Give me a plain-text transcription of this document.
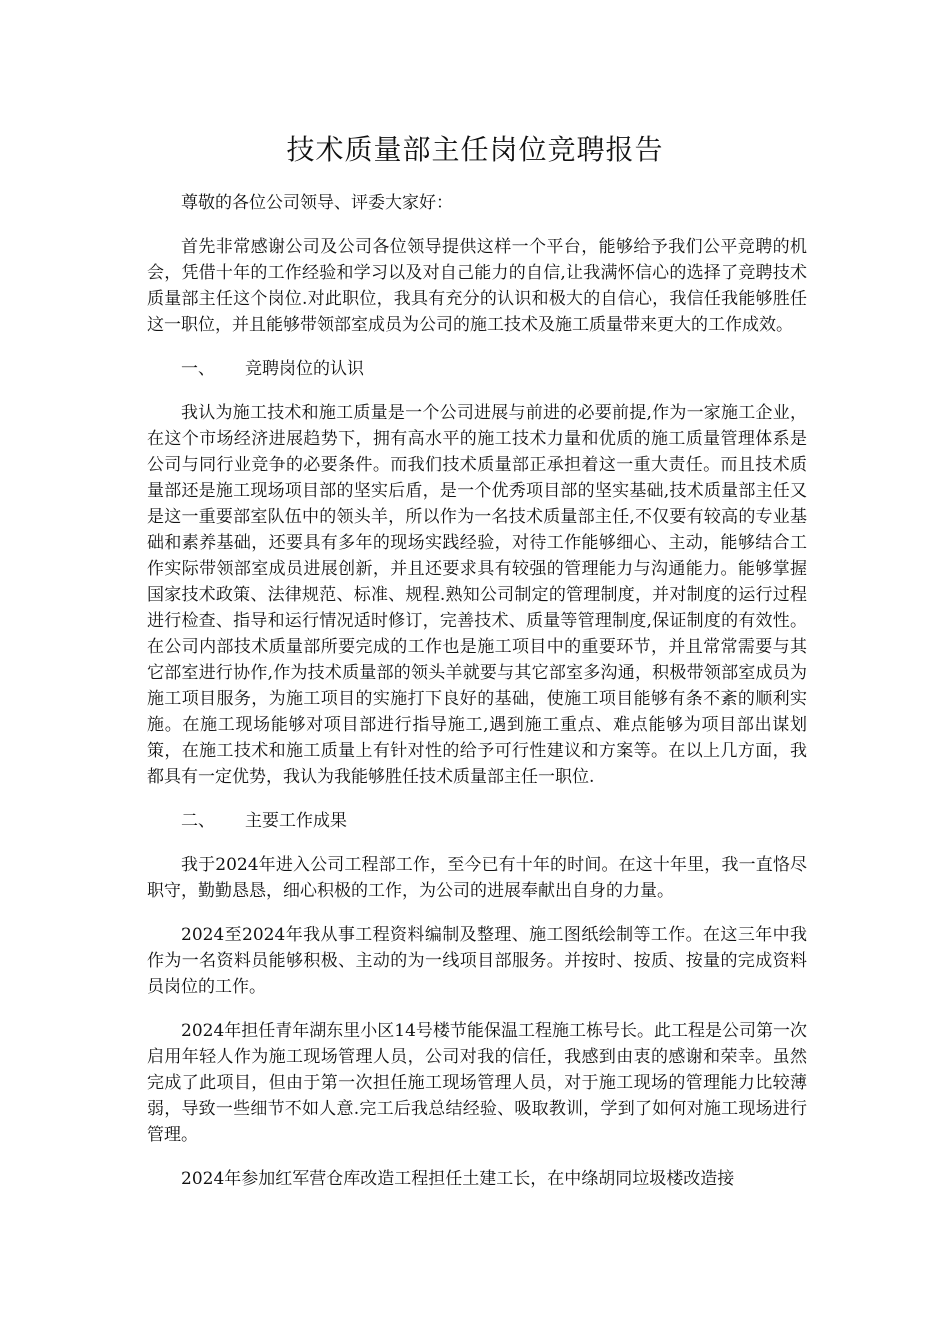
技术质量部主任岗位竞聘报告

尊敬的各位公司领导、评委大家好：

首先非常感谢公司及公司各位领导提供这样一个平台，能够给予我们公平竞聘的机会，凭借十年的工作经验和学习以及对自己能力的自信,让我满怀信心的选择了竞聘技术质量部主任这个岗位.对此职位，我具有充分的认识和极大的自信心，我信任我能够胜任这一职位，并且能够带领部室成员为公司的施工技术及施工质量带来更大的工作成效。

一、	竞聘岗位的认识

我认为施工技术和施工质量是一个公司进展与前进的必要前提,作为一家施工企业，在这个市场经济进展趋势下，拥有高水平的施工技术力量和优质的施工质量管理体系是公司与同行业竞争的必要条件。而我们技术质量部正承担着这一重大责任。而且技术质量部还是施工现场项目部的坚实后盾，是一个优秀项目部的坚实基础,技术质量部主任又是这一重要部室队伍中的领头羊，所以作为一名技术质量部主任,不仅要有较高的专业基础和素养基础，还要具有多年的现场实践经验，对待工作能够细心、主动，能够结合工作实际带领部室成员进展创新，并且还要求具有较强的管理能力与沟通能力。能够掌握国家技术政策、法律规范、标准、规程.熟知公司制定的管理制度，并对制度的运行过程进行检查、指导和运行情况适时修订，完善技术、质量等管理制度,保证制度的有效性。在公司内部技术质量部所要完成的工作也是施工项目中的重要环节，并且常常需要与其它部室进行协作,作为技术质量部的领头羊就要与其它部室多沟通，积极带领部室成员为施工项目服务，为施工项目的实施打下良好的基础，使施工项目能够有条不紊的顺利实施。在施工现场能够对项目部进行指导施工,遇到施工重点、难点能够为项目部出谋划策，在施工技术和施工质量上有针对性的给予可行性建议和方案等。在以上几方面，我都具有一定优势，我认为我能够胜任技术质量部主任一职位.

二、	主要工作成果

我于2024年进入公司工程部工作，至今已有十年的时间。在这十年里，我一直恪尽职守，勤勤恳恳，细心积极的工作，为公司的进展奉献出自身的力量。

2024至2024年我从事工程资料编制及整理、施工图纸绘制等工作。在这三年中我作为一名资料员能够积极、主动的为一线项目部服务。并按时、按质、按量的完成资料员岗位的工作。

2024年担任青年湖东里小区14号楼节能保温工程施工栋号长。此工程是公司第一次启用年轻人作为施工现场管理人员，公司对我的信任，我感到由衷的感谢和荣幸。虽然完成了此项目，但由于第一次担任施工现场管理人员，对于施工现场的管理能力比较薄弱，导致一些细节不如人意.完工后我总结经验、吸取教训，学到了如何对施工现场进行管理。

2024年参加红军营仓库改造工程担任土建工长，在中绦胡同垃圾楼改造接
